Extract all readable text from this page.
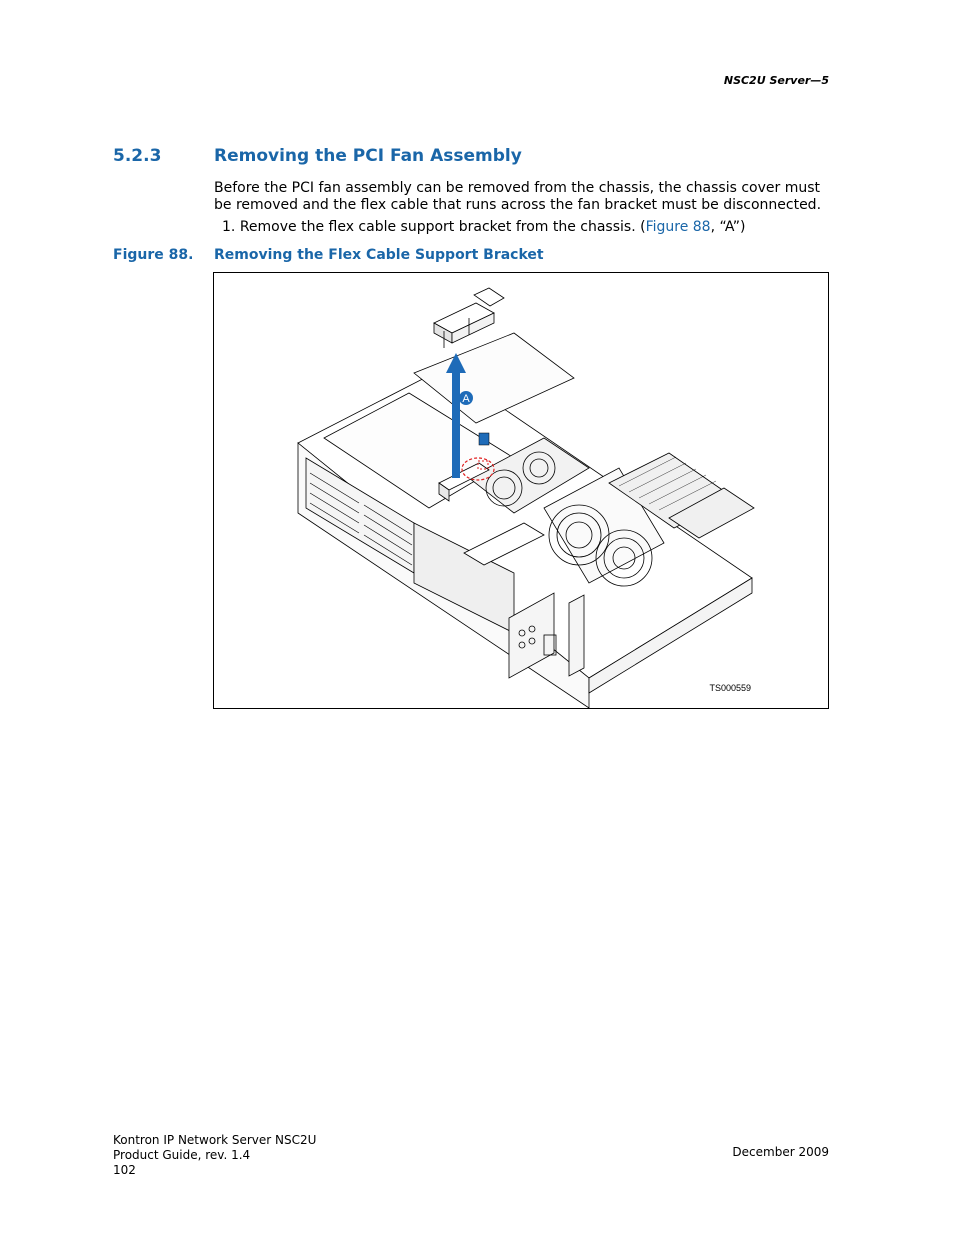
NSC2U Server—5
5.2.3	Removing the PCI Fan Assembly
Before the PCI fan assembly can be removed from the chassis, the chassis cover must be removed and the flex cable that runs across the fan bracket must be disconnected.
1. Remove the flex cable support bracket from the chassis. (Figure 88, “A”)
Figure 88. Removing the Flex Cable Support Bracket
A
TS000559
Kontron IP Network Server NSC2U
Product Guide, rev. 1.4
102
December 2009
